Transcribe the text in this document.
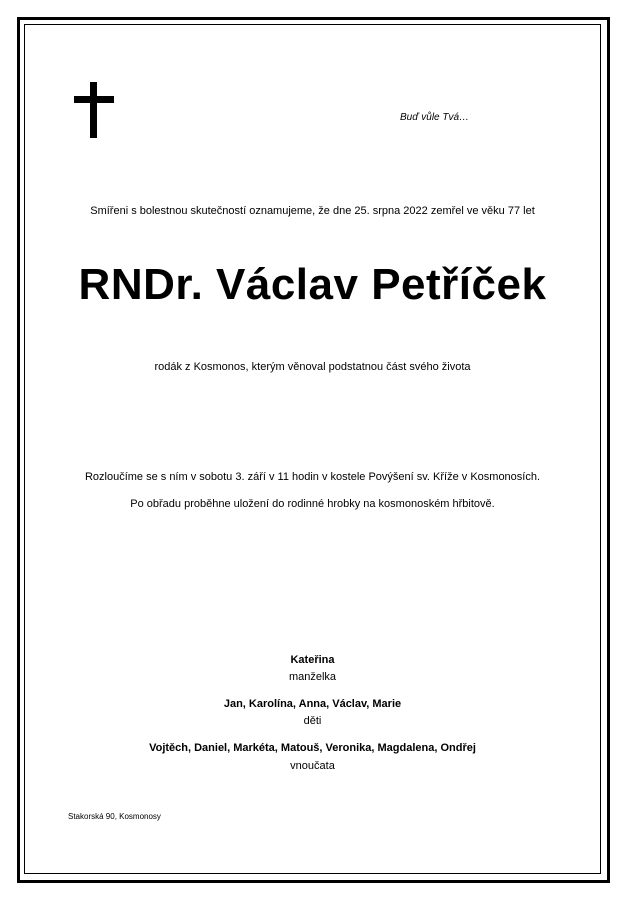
Buď vůle Tvá…
Smířeni s bolestnou skutečností oznamujeme, že dne 25. srpna 2022 zemřel ve věku 77 let
RNDr. Václav Petříček
rodák z Kosmonos, kterým věnoval podstatnou část svého života
Rozloučíme se s ním v sobotu 3. září v 11 hodin v kostele Povýšení sv. Kříže v Kosmonosích.
Po obřadu proběhne uložení do rodinné hrobky na kosmonoském hřbitově.
Kateřina
manželka
Jan, Karolína, Anna, Václav, Marie
děti
Vojtěch, Daniel, Markéta, Matouš, Veronika, Magdalena, Ondřej
vnoučata
Stakorská 90, Kosmonosy
